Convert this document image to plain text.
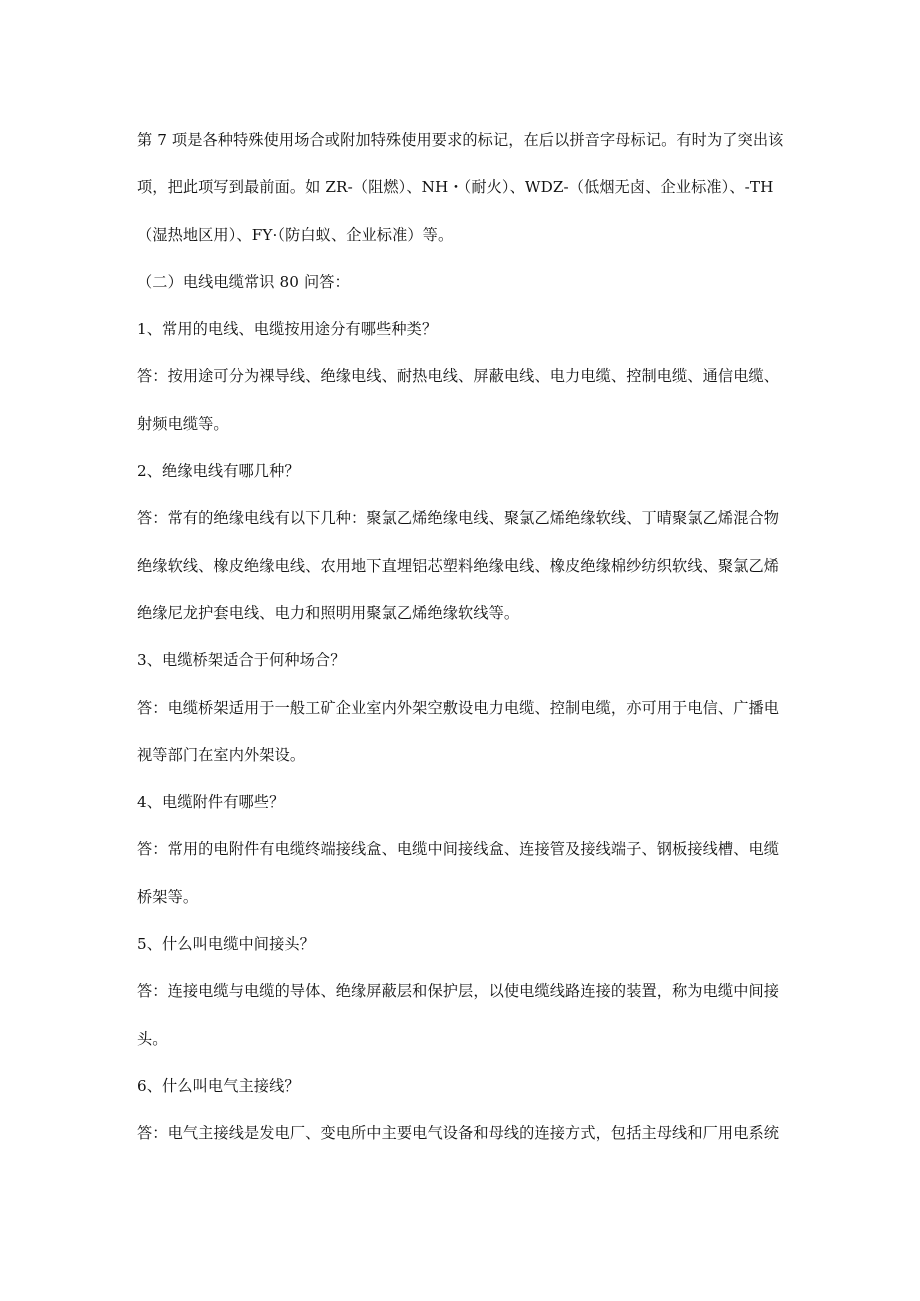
第 7 项是各种特殊使用场合或附加特殊使用要求的标记，在后以拼音字母标记。有时为了突出该
项，把此项写到最前面。如 ZR-（阻燃）、NH・（耐火）、WDZ-（低烟无卤、企业标准）、-TH
（湿热地区用）、FY·（防白蚁、企业标准）等。
（二）电线电缆常识 80 问答：
1、常用的电线、电缆按用途分有哪些种类？
答：按用途可分为裸导线、绝缘电线、耐热电线、屏蔽电线、电力电缆、控制电缆、通信电缆、
射频电缆等。
2、绝缘电线有哪几种？
答：常有的绝缘电线有以下几种：聚氯乙烯绝缘电线、聚氯乙烯绝缘软线、丁晴聚氯乙烯混合物
绝缘软线、橡皮绝缘电线、农用地下直埋铝芯塑料绝缘电线、橡皮绝缘棉纱纺织软线、聚氯乙烯
绝缘尼龙护套电线、电力和照明用聚氯乙烯绝缘软线等。
3、电缆桥架适合于何种场合？
答：电缆桥架适用于一般工矿企业室内外架空敷设电力电缆、控制电缆，亦可用于电信、广播电
视等部门在室内外架设。
4、电缆附件有哪些？
答：常用的电附件有电缆终端接线盒、电缆中间接线盒、连接管及接线端子、钢板接线槽、电缆
桥架等。
5、什么叫电缆中间接头？
答：连接电缆与电缆的导体、绝缘屏蔽层和保护层，以使电缆线路连接的装置，称为电缆中间接
头。
6、什么叫电气主接线？
答：电气主接线是发电厂、变电所中主要电气设备和母线的连接方式，包括主母线和厂用电系统
